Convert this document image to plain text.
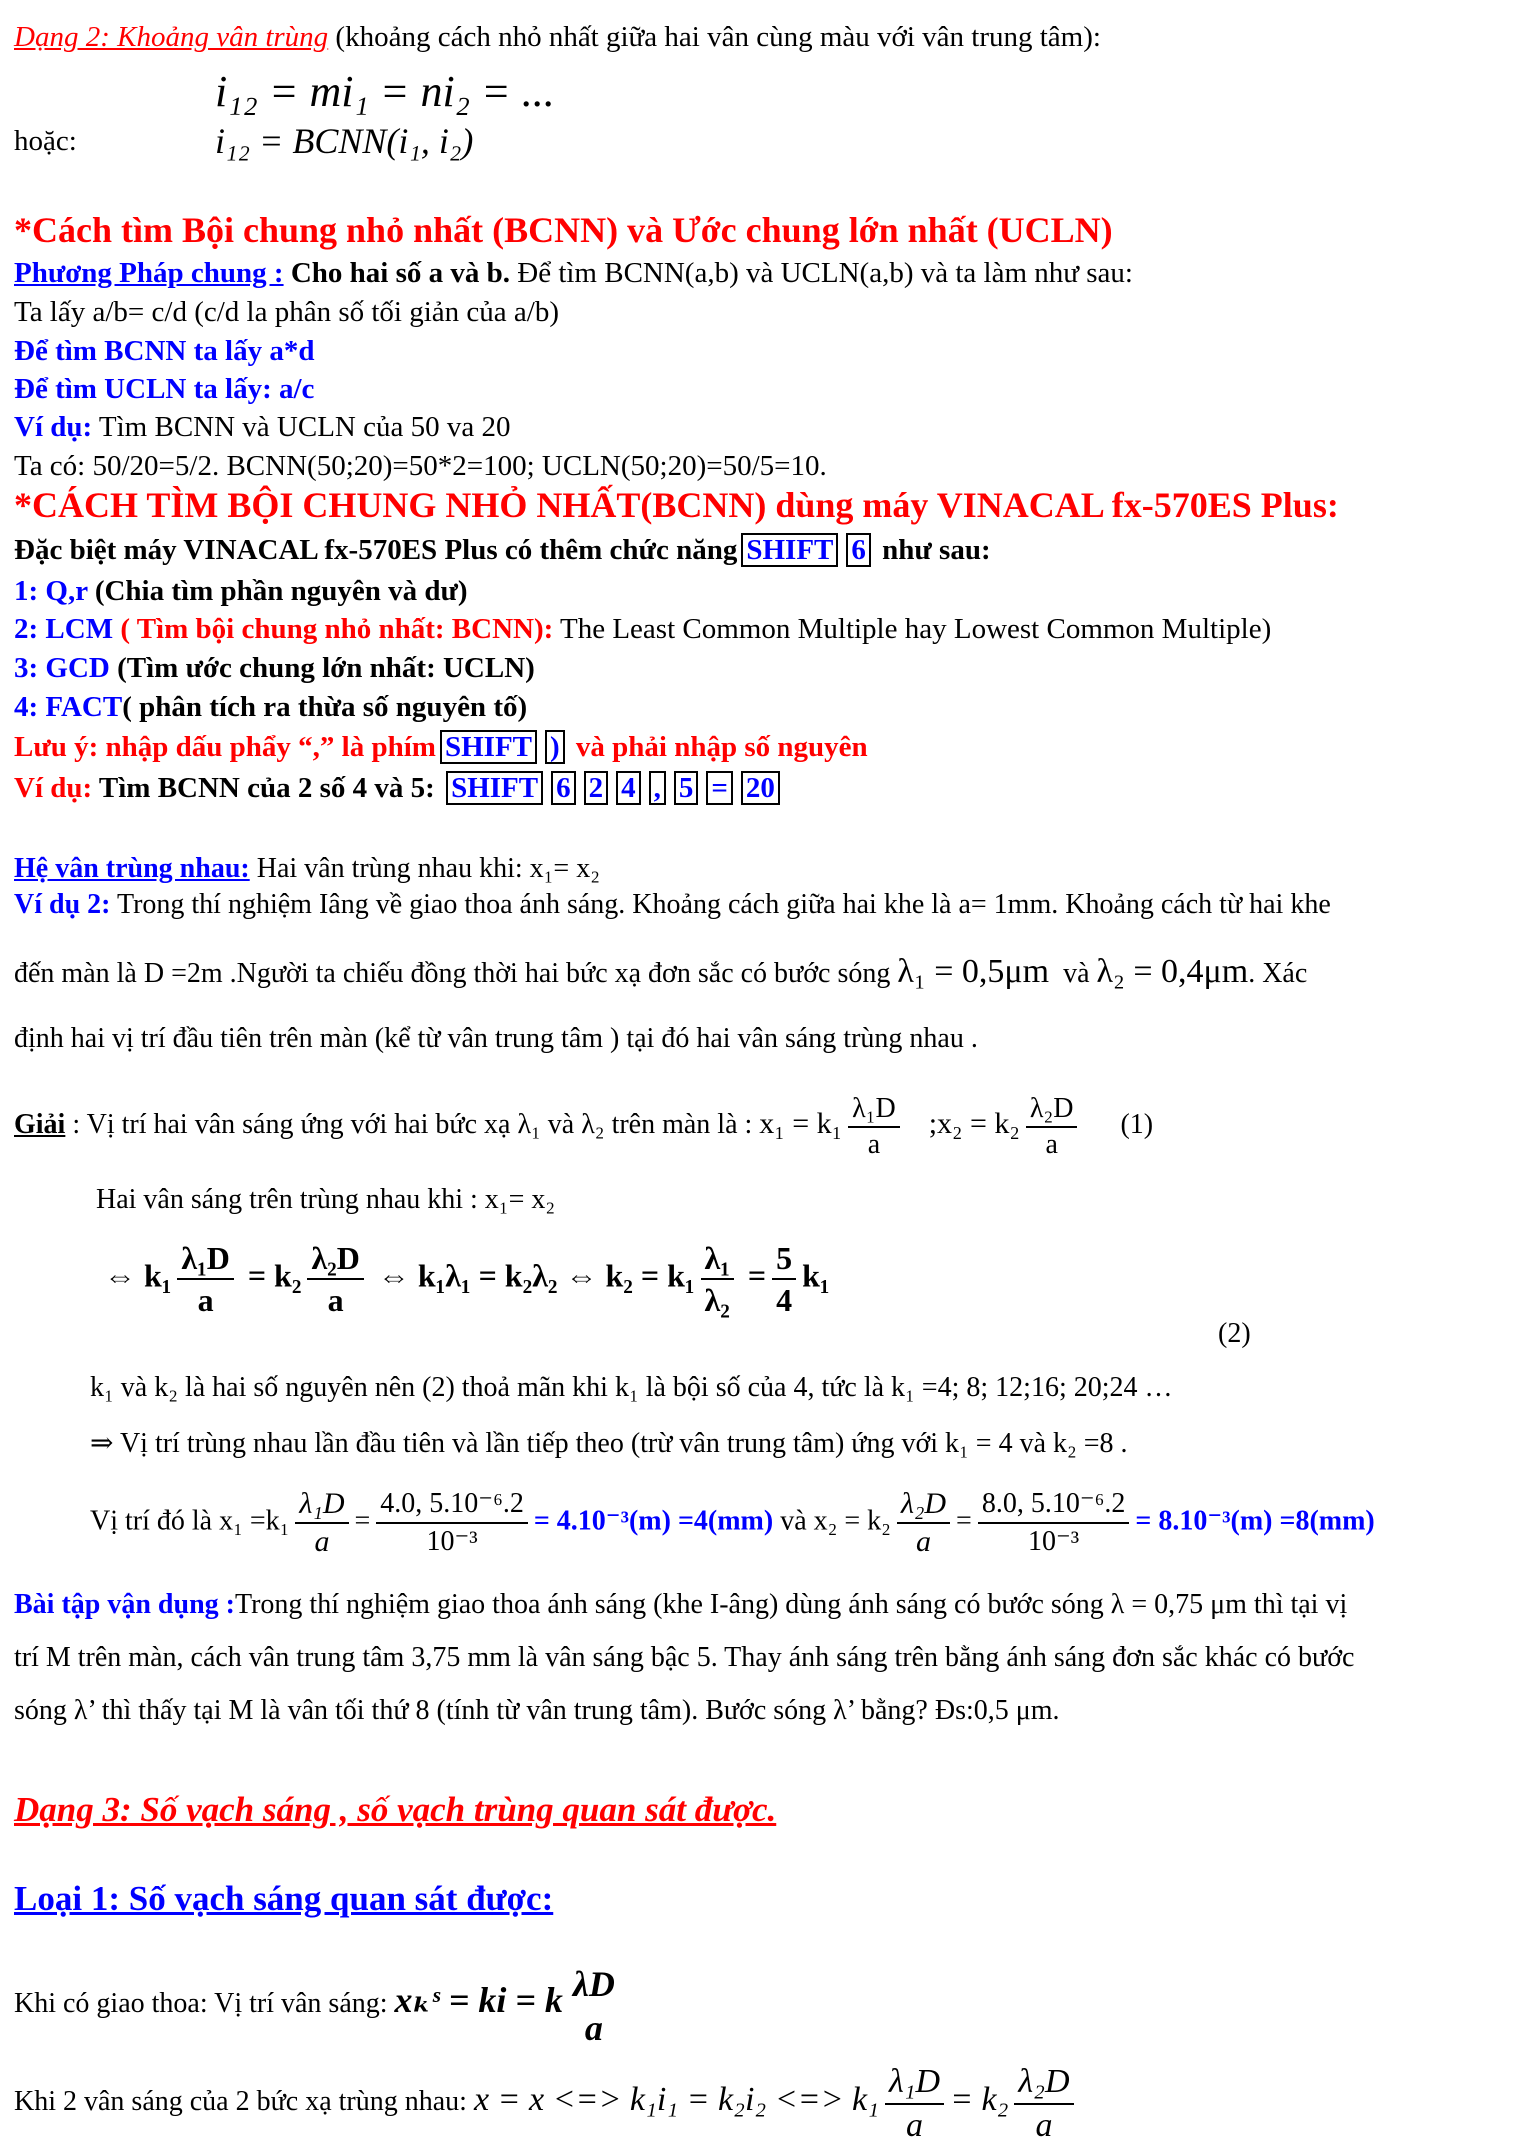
Dạng 2: Khoảng vân trùng (khoảng cách nhỏ nhất giữa hai vân cùng màu với vân trung tâm):
i₁₂ = mi₁ = ni₂ = ...
hoặc:	i₁₂ = BCNN(i₁, i₂)
*Cách tìm Bội chung nhỏ nhất (BCNN) và Ước chung lớn nhất (UCLN)
Phương Pháp chung : Cho hai số a và b. Để tìm BCNN(a,b) và UCLN(a,b) và ta làm như sau:
Ta lấy a/b= c/d (c/d la phân số tối giản của a/b)
Để tìm BCNN ta lấy a*d
Để tìm UCLN ta lấy: a/c
Ví dụ: Tìm BCNN và UCLN của 50 va 20
Ta có: 50/20=5/2. BCNN(50;20)=50*2=100; UCLN(50;20)=50/5=10.
*CÁCH TÌM BỘI CHUNG NHỎ NHẤT(BCNN) dùng máy VINACAL fx-570ES Plus:
Đặc biệt máy VINACAL fx-570ES Plus có thêm chức năng SHIFT 6 như sau:
1: Q,r (Chia tìm phần nguyên và dư)
2: LCM ( Tìm bội chung nhỏ nhất: BCNN): The Least Common Multiple hay Lowest Common Multiple)
3: GCD (Tìm ước chung lớn nhất: UCLN)
4: FACT( phân tích ra thừa số nguyên tố)
Lưu ý: nhập dấu phẩy “,” là phím SHIFT ) và phải nhập số nguyên
Ví dụ: Tìm BCNN của 2 số 4 và 5: SHIFT 6 2 4 , 5 = 20
Hệ vân trùng nhau: Hai vân trùng nhau khi: x₁= x₂
Ví dụ 2: Trong thí nghiệm Iâng về giao thoa ánh sáng. Khoảng cách giữa hai khe là a= 1mm. Khoảng cách từ hai khe
đến màn là D =2m .Người ta chiếu đồng thời hai bức xạ đơn sắc có bước sóng λ₁ = 0,5μm và λ₂ = 0,4μm. Xác
định hai vị trí đầu tiên trên màn (kể từ vân trung tâm ) tại đó hai vân sáng trùng nhau .
Giải : Vị trí hai vân sáng ứng với hai bức xạ λ₁ và λ₂ trên màn là : $x_1 = k_1 \frac{\text{λ₁D}}{a}$ ;x₂ = $k_2 \frac{\text{λ₂D}}{a} (1)$
Hai vân sáng trên trùng nhau khi : x₁= x₂
⇔ $k_1 \frac{\text{λ₁D}}{a} = k_2 \frac{\text{λ₂D}}{a}$ ⇔ k₁λ₁ = k₂λ₂ ⇔ $k_2 = k_1 \frac{\text{λ₁}}{\text{λ₂}} = \frac{5}{4} k_1$
(2)
k₁ và k₂ là hai số nguyên nên (2) thoả mãn khi k₁ là bội số của 4, tức là k₁ =4; 8; 12;16; 20;24 …
⇒ Vị trí trùng nhau lần đầu tiên và lần tiếp theo (trừ vân trung tâm) ứng với k₁ = 4 và k₂ =8 .
Vị trí đó là $x_1 =k_1 \frac{\text{λ₁D}}{a} = \frac{\text{4.0, 5.10⁻⁶.2}}{\text{10⁻³}} = 4.10^{-3}(m) =4(mm)$ và $x_2 = k_2 \frac{\text{λ₂D}}{a} = \frac{\text{8.0, 5.10⁻⁶.2}}{\text{10⁻³}} = 8.10^{-3}(m) =8(mm)$
Bài tập vận dụng :Trong thí nghiệm giao thoa ánh sáng (khe I-âng) dùng ánh sáng có bước sóng λ = 0,75 μm thì tại vị
trí M trên màn, cách vân trung tâm 3,75 mm là vân sáng bậc 5. Thay ánh sáng trên bằng ánh sáng đơn sắc khác có bước
sóng λ’ thì thấy tại M là vân tối thứ 8 (tính từ vân trung tâm). Bước sóng λ’ bằng? Đs:0,5 μm.
Dạng 3: Số vạch sáng , số vạch trùng quan sát được.
Loại 1: Số vạch sáng quan sát được:
Khi có giao thoa: Vị trí vân sáng: xₖˢ = ki = k λD
a
Khi 2 vân sáng của 2 bức xạ trùng nhau: x = x <=> k₁i₁ = k₂i₂ <=> $k_1 \frac{\text{λ₁D}}{a} = k_2 \frac{\text{λ₂D}}{a}$
